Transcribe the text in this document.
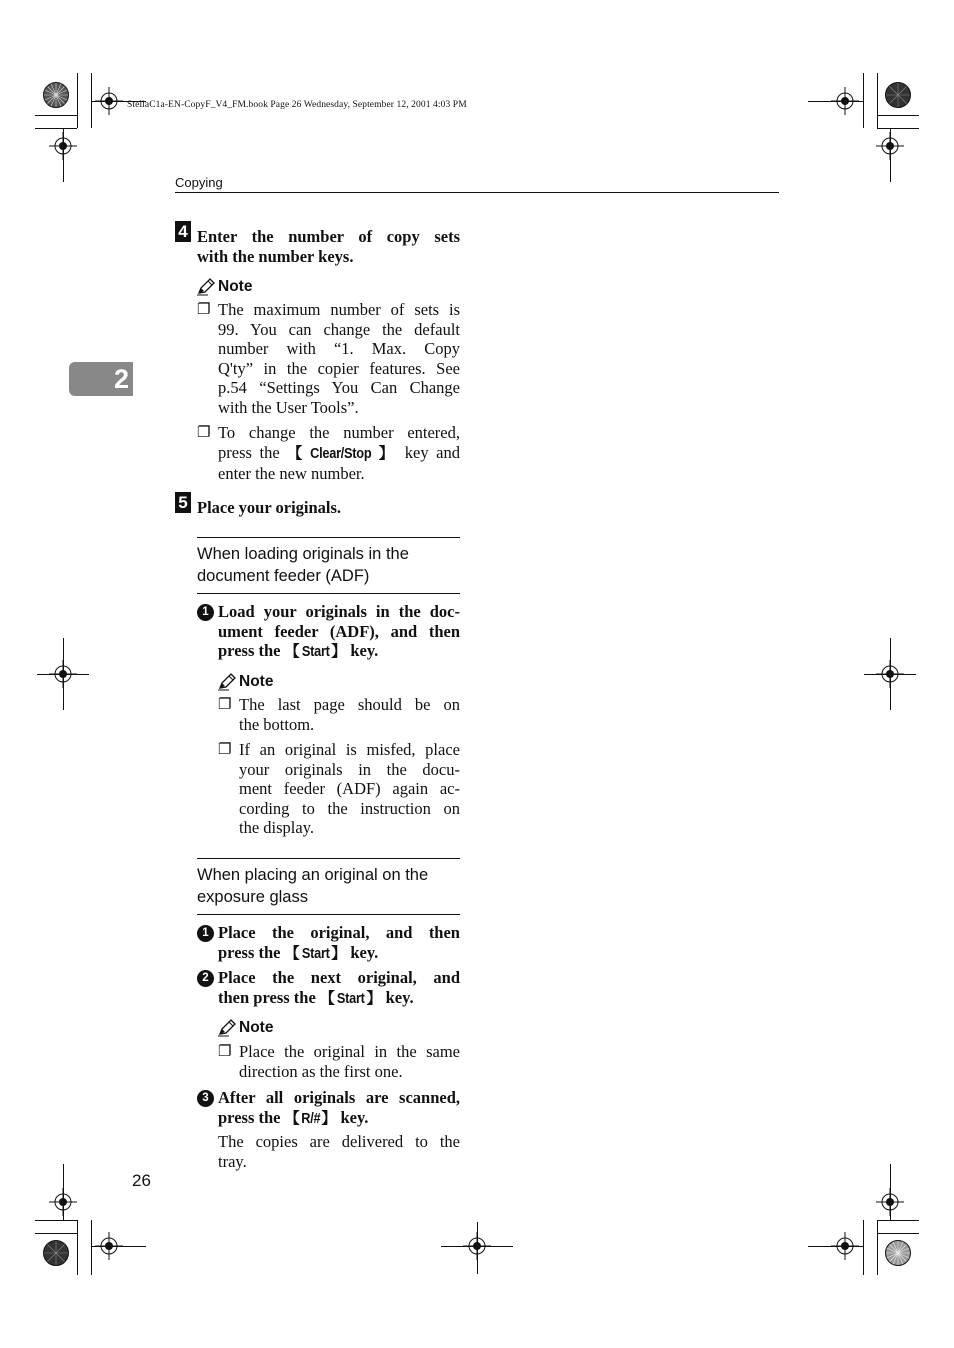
StellaC1a-EN-CopyF_V4_FM.book Page 26 Wednesday, September 12, 2001 4:03 PM
Copying
2
4 Enter the number of copy sets
with the number keys.
Note
❐ The maximum number of sets is
99. You can change the default
number with “1. Max. Copy
Q'ty” in the copier features. See
p.54 “Settings You Can Change
with the User Tools”.
❐ To change the number entered,
press the 【 Clear/Stop 】 key and
enter the new number.
5 Place your originals.
When loading originals in the
document feeder (ADF)
1 Load your originals in the doc-
ument feeder (ADF), and then
press the 【 Start 】 key.
Note
❐ The last page should be on
the bottom.
❐ If an original is misfed, place
your originals in the docu-
ment feeder (ADF) again ac-
cording to the instruction on
the display.
When placing an original on the
exposure glass
1 Place the original, and then
press the 【 Start 】 key.
2 Place the next original, and
then press the 【 Start 】 key.
Note
❐ Place the original in the same
direction as the first one.
3 After all originals are scanned,
press the 【R/#】 key.
The copies are delivered to the
tray.
26
